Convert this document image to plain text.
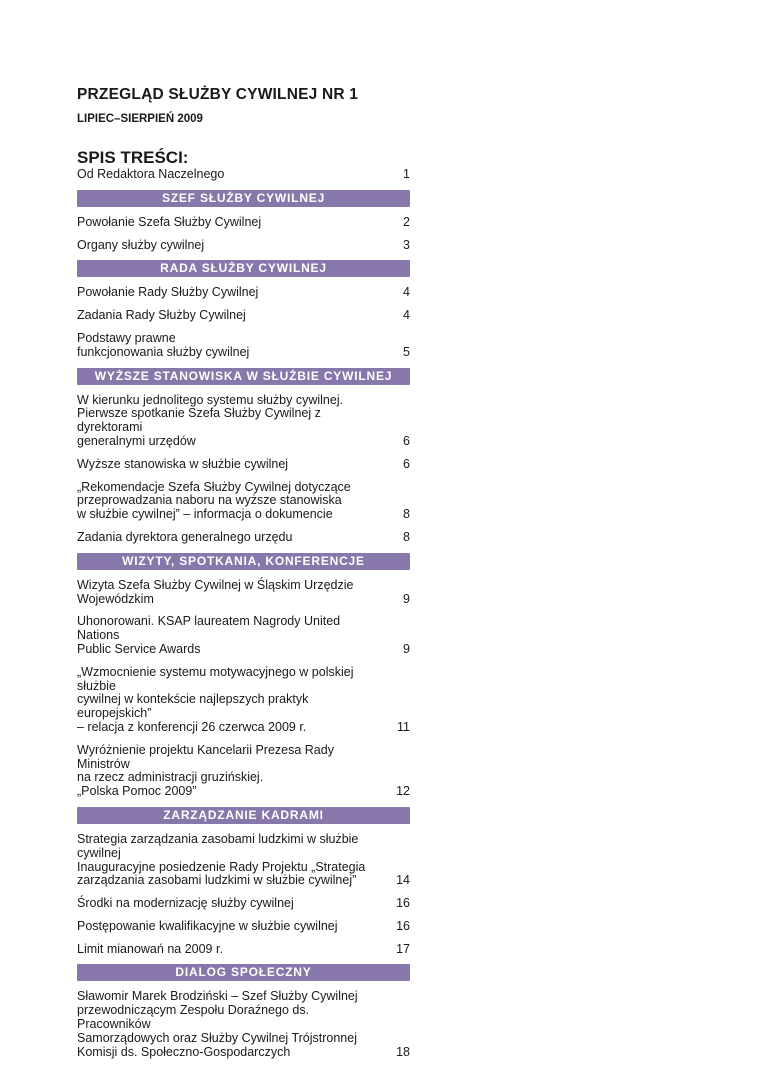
PRZEGLĄD SŁUŻBY CYWILNEJ NR 1
LIPIEC–SIERPIEŃ 2009
SPIS TREŚCI:
Od Redaktora Naczelnego	1
SZEF SŁUŻBY CYWILNEJ
Powołanie Szefa Służby Cywilnej	2
Organy służby cywilnej	3
RADA SŁUŻBY CYWILNEJ
Powołanie Rady Służby Cywilnej	4
Zadania Rady Służby Cywilnej	4
Podstawy prawne
funkcjonowania służby cywilnej	5
WYŻSZE STANOWISKA W SŁUŻBIE CYWILNEJ
W kierunku jednolitego systemu służby cywilnej.
Pierwsze spotkanie Szefa Służby Cywilnej z dyrektorami
generalnymi urzędów	6
Wyższe stanowiska w służbie cywilnej	6
„Rekomendacje Szefa Służby Cywilnej dotyczące
przeprowadzania naboru na wyższe stanowiska
w służbie cywilnej” – informacja o dokumencie	8
Zadania dyrektora generalnego urzędu	8
WIZYTY, SPOTKANIA, KONFERENCJE
Wizyta Szefa Służby Cywilnej w Śląskim Urzędzie
Wojewódzkim	9
Uhonorowani. KSAP laureatem Nagrody United Nations
Public Service Awards	9
„Wzmocnienie systemu motywacyjnego w polskiej służbie
cywilnej w kontekście najlepszych praktyk europejskich”
– relacja z konferencji 26 czerwca 2009 r.	11
Wyróżnienie projektu Kancelarii Prezesa Rady Ministrów
na rzecz administracji gruzińskiej.
„Polska Pomoc 2009”	12
ZARZĄDZANIE KADRAMI
Strategia zarządzania zasobami ludzkimi w służbie cywilnej
Inauguracyjne posiedzenie Rady Projektu „Strategia
zarządzania zasobami ludzkimi w służbie cywilnej”	14
Środki na modernizację służby cywilnej	16
Postępowanie kwalifikacyjne w służbie cywilnej	16
Limit mianowań na 2009 r.	17
DIALOG SPOŁECZNY
Sławomir Marek Brodziński – Szef Służby Cywilnej
przewodniczącym Zespołu Doraźnego ds. Pracowników
Samorządowych oraz Służby Cywilnej Trójstronnej
Komisji ds. Społeczno-Gospodarczych	18
